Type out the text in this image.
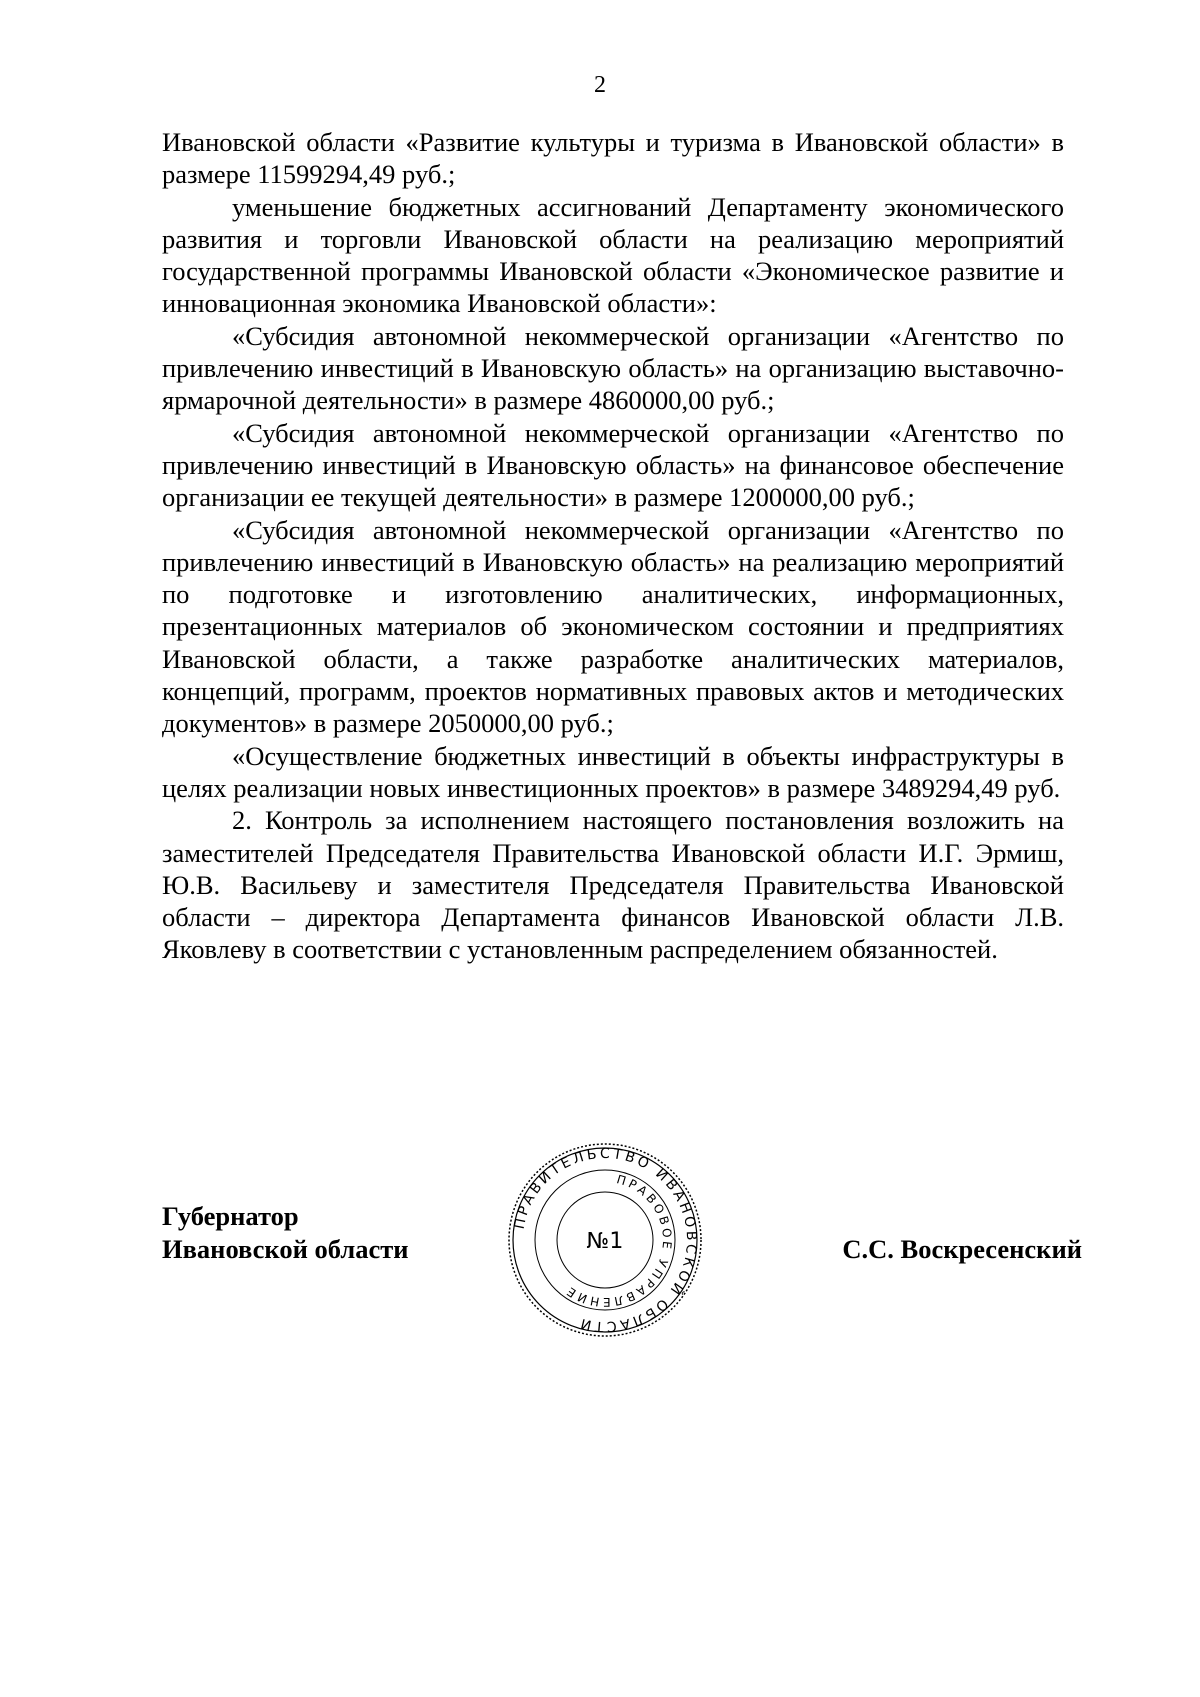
2

Ивановской области «Развитие культуры и туризма в Ивановской области» в размере 11599294,49 руб.;

уменьшение бюджетных ассигнований Департаменту экономического развития и торговли Ивановской области на реализацию мероприятий государственной программы Ивановской области «Экономическое развитие и инновационная экономика Ивановской области»:

«Субсидия автономной некоммерческой организации «Агентство по привлечению инвестиций в Ивановскую область» на организацию выставочно-ярмарочной деятельности» в размере 4860000,00 руб.;

«Субсидия автономной некоммерческой организации «Агентство по привлечению инвестиций в Ивановскую область» на финансовое обеспечение организации ее текущей деятельности» в размере 1200000,00 руб.;

«Субсидия автономной некоммерческой организации «Агентство по привлечению инвестиций в Ивановскую область» на реализацию мероприятий по подготовке и изготовлению аналитических, информационных, презентационных материалов об экономическом состоянии и предприятиях Ивановской области, а также разработке аналитических материалов, концепций, программ, проектов нормативных правовых актов и методических документов» в размере 2050000,00 руб.;

«Осуществление бюджетных инвестиций в объекты инфраструктуры в целях реализации новых инвестиционных проектов» в размере 3489294,49 руб.

2. Контроль за исполнением настоящего постановления возложить на заместителей Председателя Правительства Ивановской области И.Г. Эрмиш, Ю.В. Васильеву и заместителя Председателя Правительства Ивановской области – директора Департамента финансов Ивановской области Л.В. Яковлеву в соответствии с установленным распределением обязанностей.

ПРАВИТЕЛЬСТВО ИВАНОВСКОЙ ОБЛАСТИ
ПРАВОВОЕ УПРАВЛЕНИЕ
№1
Губернатор
Ивановской области	С.С. Воскресенский
